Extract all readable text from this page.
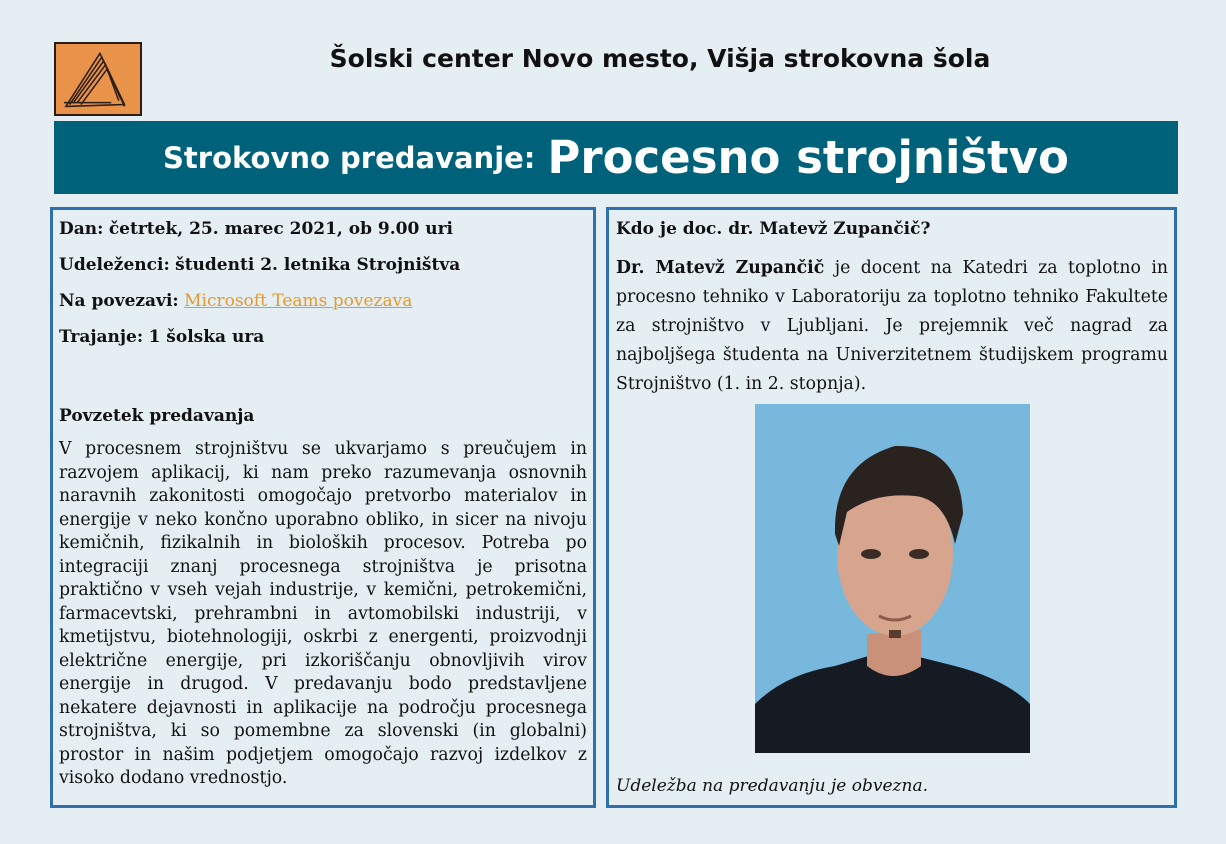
Šolski center Novo mesto, Višja strokovna šola
Strokovno predavanje: Procesno strojništvo

Dan: četrtek, 25. marec 2021, ob 9.00 uri

Udeleženci: študenti 2. letnika Strojništva

Na povezavi: Microsoft Teams povezava

Trajanje: 1 šolska ura

Povzetek predavanja

V procesnem strojništvu se ukvarjamo s preučujem in razvojem aplikacij, ki nam preko razumevanja osnovnih naravnih zakonitosti omogočajo pretvorbo materialov in energije v neko končno uporabno obliko, in sicer na nivoju kemičnih, fizikalnih in bioloških procesov. Potreba po integraciji znanj procesnega strojništva je prisotna praktično v vseh vejah industrije, v kemični, petrokemični, farmacevtski, prehrambni in avtomobilski industriji, v kmetijstvu, biotehnologiji, oskrbi z energenti, proizvodnji električne energije, pri izkoriščanju obnovljivih virov energije in drugod. V predavanju bodo predstavljene nekatere dejavnosti in aplikacije na področju procesnega strojništva, ki so pomembne za slovenski (in globalni) prostor in našim podjetjem omogočajo razvoj izdelkov z visoko dodano vrednostjo.

Kdo je doc. dr. Matevž Zupančič?

Dr. Matevž Zupančič je docent na Katedri za toplotno in procesno tehniko v Laboratoriju za toplotno tehniko Fakultete za strojništvo v Ljubljani. Je prejemnik več nagrad za najboljšega študenta na Univerzitetnem študijskem programu Strojništvo (1. in 2. stopnja).

Udeležba na predavanju je obvezna.
